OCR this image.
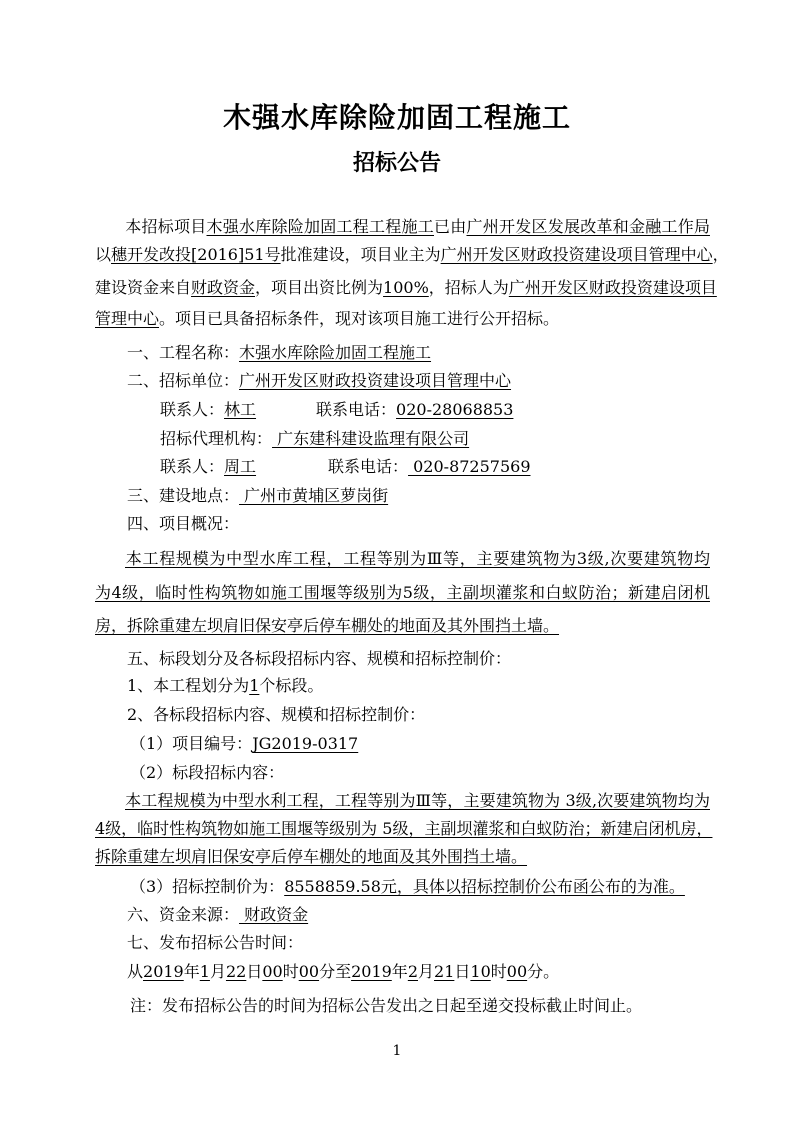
木强水库除险加固工程施工
招标公告
本招标项目木强水库除险加固工程工程施工已由广州开发区发展改革和金融工作局
以穗开发改投[2016]51号批准建设，项目业主为广州开发区财政投资建设项目管理中心，
建设资金来自财政资金，项目出资比例为100%，招标人为广州开发区财政投资建设项目
管理中心。项目已具备招标条件，现对该项目施工进行公开招标。
一、工程名称：木强水库除险加固工程施工
二、招标单位：广州开发区财政投资建设项目管理中心
联系人：林工	联系电话：020-28068853
招标代理机构： 广东建科建设监理有限公司
联系人：周工	联系电话： 020-87257569
三、建设地点： 广州市黄埔区萝岗街
四、项目概况：
本工程规模为中型水库工程，工程等别为Ⅲ等，主要建筑物为3级,次要建筑物均
为4级，临时性构筑物如施工围堰等级别为5级，主副坝灌浆和白蚁防治；新建启闭机
房，拆除重建左坝肩旧保安亭后停车棚处的地面及其外围挡土墙。
五、标段划分及各标段招标内容、规模和招标控制价：
1、本工程划分为1个标段。
2、各标段招标内容、规模和招标控制价：
（1）项目编号：JG2019-0317
（2）标段招标内容：
本工程规模为中型水利工程，工程等别为Ⅲ等，主要建筑物为 3级,次要建筑物均为
4级，临时性构筑物如施工围堰等级别为 5级，主副坝灌浆和白蚁防治；新建启闭机房，
拆除重建左坝肩旧保安亭后停车棚处的地面及其外围挡土墙。
（3）招标控制价为：8558859.58元，具体以招标控制价公布函公布的为准。
六、资金来源： 财政资金
七、发布招标公告时间：
从2019年1月22日00时00分至2019年2月21日10时00分。
注：发布招标公告的时间为招标公告发出之日起至递交投标截止时间止。
1
